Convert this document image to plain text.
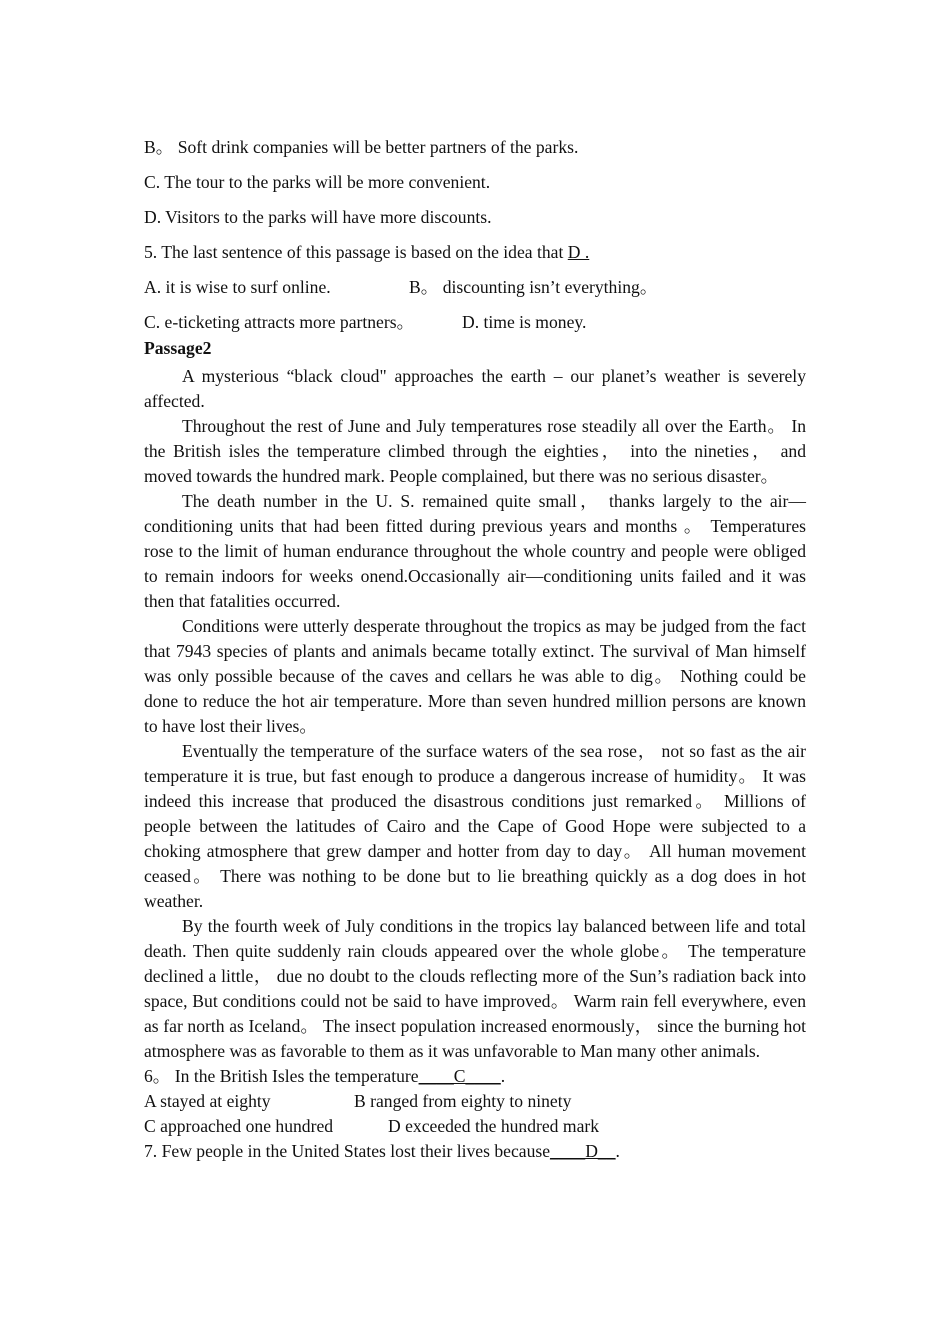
B。 Soft drink companies will be better partners of the parks.
C. The tour to the parks will be more convenient.
D. Visitors to the parks will have more discounts.
5. The last sentence of this passage is based on the idea that D .
A. it is wise to surf online.	B。 discounting isn’t everything。
C. e-ticketing attracts more partners。	D. time is money.
Passage2

A mysterious “black cloud" approaches the earth – our planet’s weather is severely affected.

Throughout the rest of June and July temperatures rose steadily all over the Earth。 In the British isles the temperature climbed through the eighties， into the nineties， and moved towards the hundred mark. People complained, but there was no serious disaster。

The death number in the U. S. remained quite small， thanks largely to the air—conditioning units that had been fitted during previous years and months 。 Temperatures rose to the limit of human endurance throughout the whole country and people were obliged to remain indoors for weeks onend.Occasionally air—conditioning units failed and it was then that fatalities occurred.

Conditions were utterly desperate throughout the tropics as may be judged from the fact that 7943 species of plants and animals became totally extinct. The survival of Man himself was only possible because of the caves and cellars he was able to dig。 Nothing could be done to reduce the hot air temperature. More than seven hundred million persons are known to have lost their lives。

Eventually the temperature of the surface waters of the sea rose， not so fast as the air temperature it is true, but fast enough to produce a dangerous increase of humidity。 It was indeed this increase that produced the disastrous conditions just remarked。 Millions of people between the latitudes of Cairo and the Cape of Good Hope were subjected to a choking atmosphere that grew damper and hotter from day to day。 All human movement ceased。 There was nothing to be done but to lie breathing quickly as a dog does in hot weather.

By the fourth week of July conditions in the tropics lay balanced between life and total death. Then quite suddenly rain clouds appeared over the whole globe。 The temperature declined a little， due no doubt to the clouds reflecting more of the Sun’s radiation back into space, But conditions could not be said to have improved。 Warm rain fell everywhere, even as far north as Iceland。 The insect population increased enormously， since the burning hot atmosphere was as favorable to them as it was unfavorable to Man many other animals.

6。 In the British Isles the temperature____C____.
A stayed at eighty	B ranged from eighty to ninety
C approached one hundred	D exceeded the hundred mark
7. Few people in the United States lost their lives because____D__.
